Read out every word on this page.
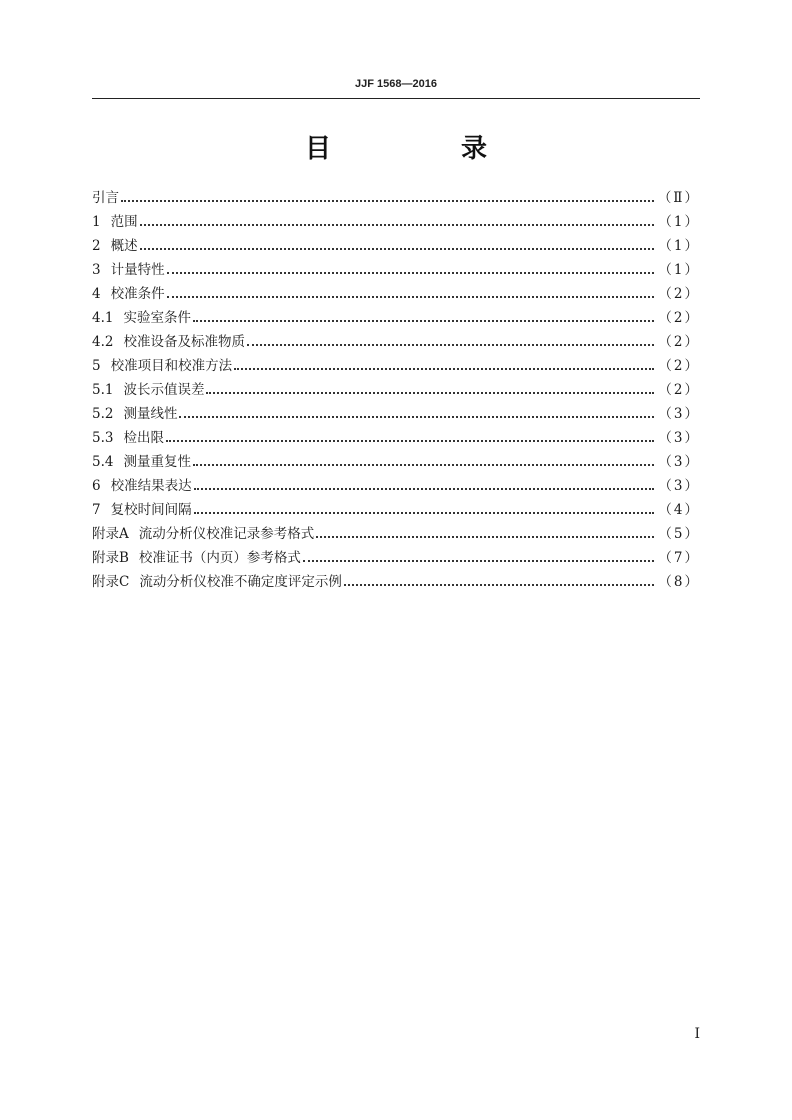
JJF 1568—2016
目　录
引言	（Ⅱ）
1 范围	（1）
2 概述	（1）
3 计量特性	（1）
4 校准条件	（2）
4.1 实验室条件	（2）
4.2 校准设备及标准物质	（2）
5 校准项目和校准方法	（2）
5.1 波长示值误差	（2）
5.2 测量线性	（3）
5.3 检出限	（3）
5.4 测量重复性	（3）
6 校准结果表达	（3）
7 复校时间间隔	（4）
附录A 流动分析仪校准记录参考格式	（5）
附录B 校准证书（内页）参考格式	（7）
附录C 流动分析仪校准不确定度评定示例	（8）
I
